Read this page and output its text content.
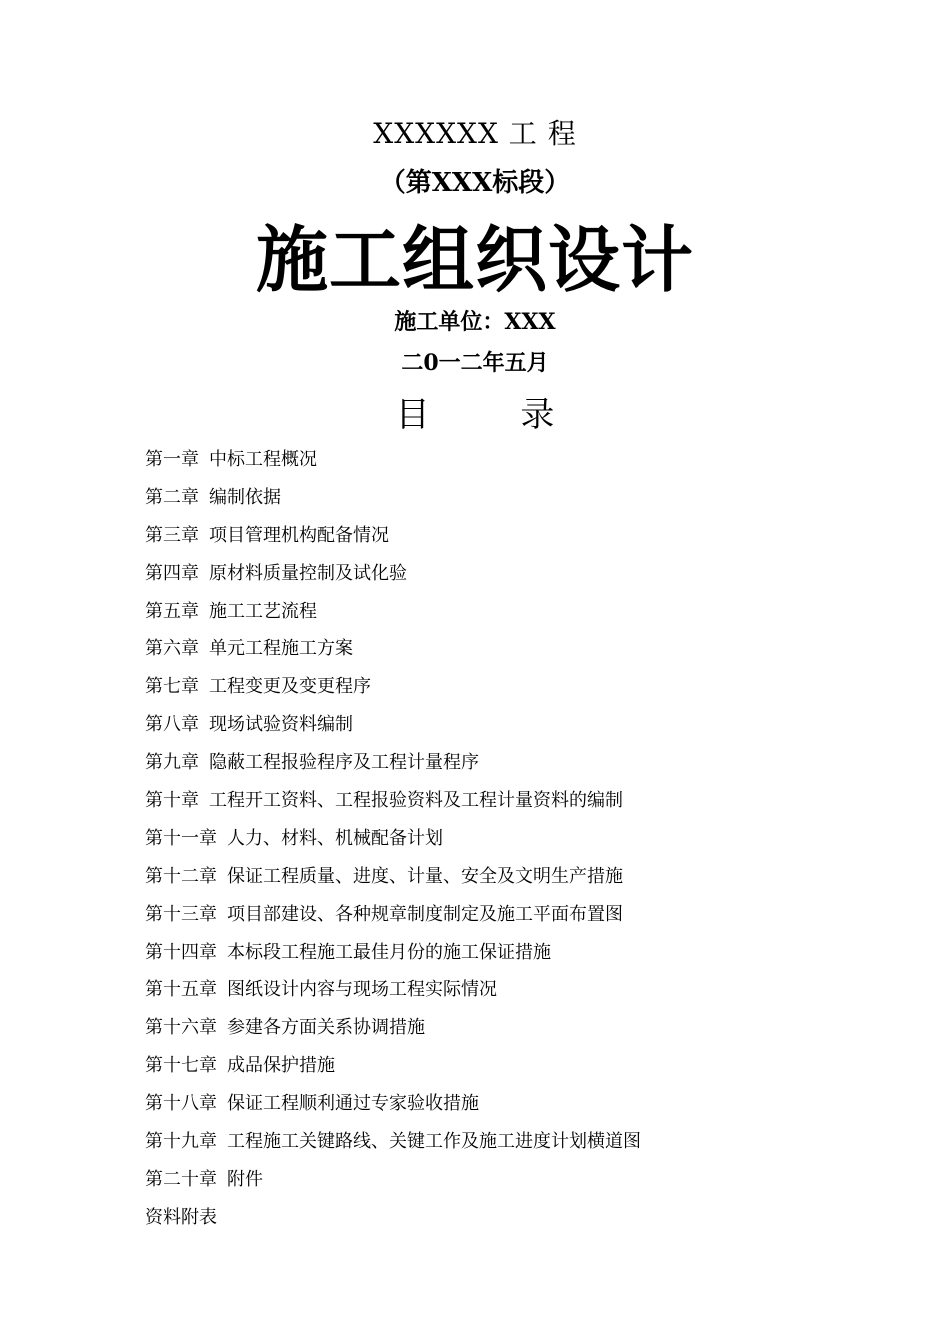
XXXXXX 工 程
（第XXX标段）
施工组织设计
施工单位：XXX
二0一二年五月
目 录
第一章 中标工程概况
第二章 编制依据
第三章 项目管理机构配备情况
第四章 原材料质量控制及试化验
第五章 施工工艺流程
第六章 单元工程施工方案
第七章 工程变更及变更程序
第八章 现场试验资料编制
第九章 隐蔽工程报验程序及工程计量程序
第十章 工程开工资料、工程报验资料及工程计量资料的编制
第十一章 人力、材料、机械配备计划
第十二章 保证工程质量、进度、计量、安全及文明生产措施
第十三章 项目部建设、各种规章制度制定及施工平面布置图
第十四章 本标段工程施工最佳月份的施工保证措施
第十五章 图纸设计内容与现场工程实际情况
第十六章 参建各方面关系协调措施
第十七章 成品保护措施
第十八章 保证工程顺利通过专家验收措施
第十九章 工程施工关键路线、关键工作及施工进度计划横道图
第二十章 附件
资料附表
